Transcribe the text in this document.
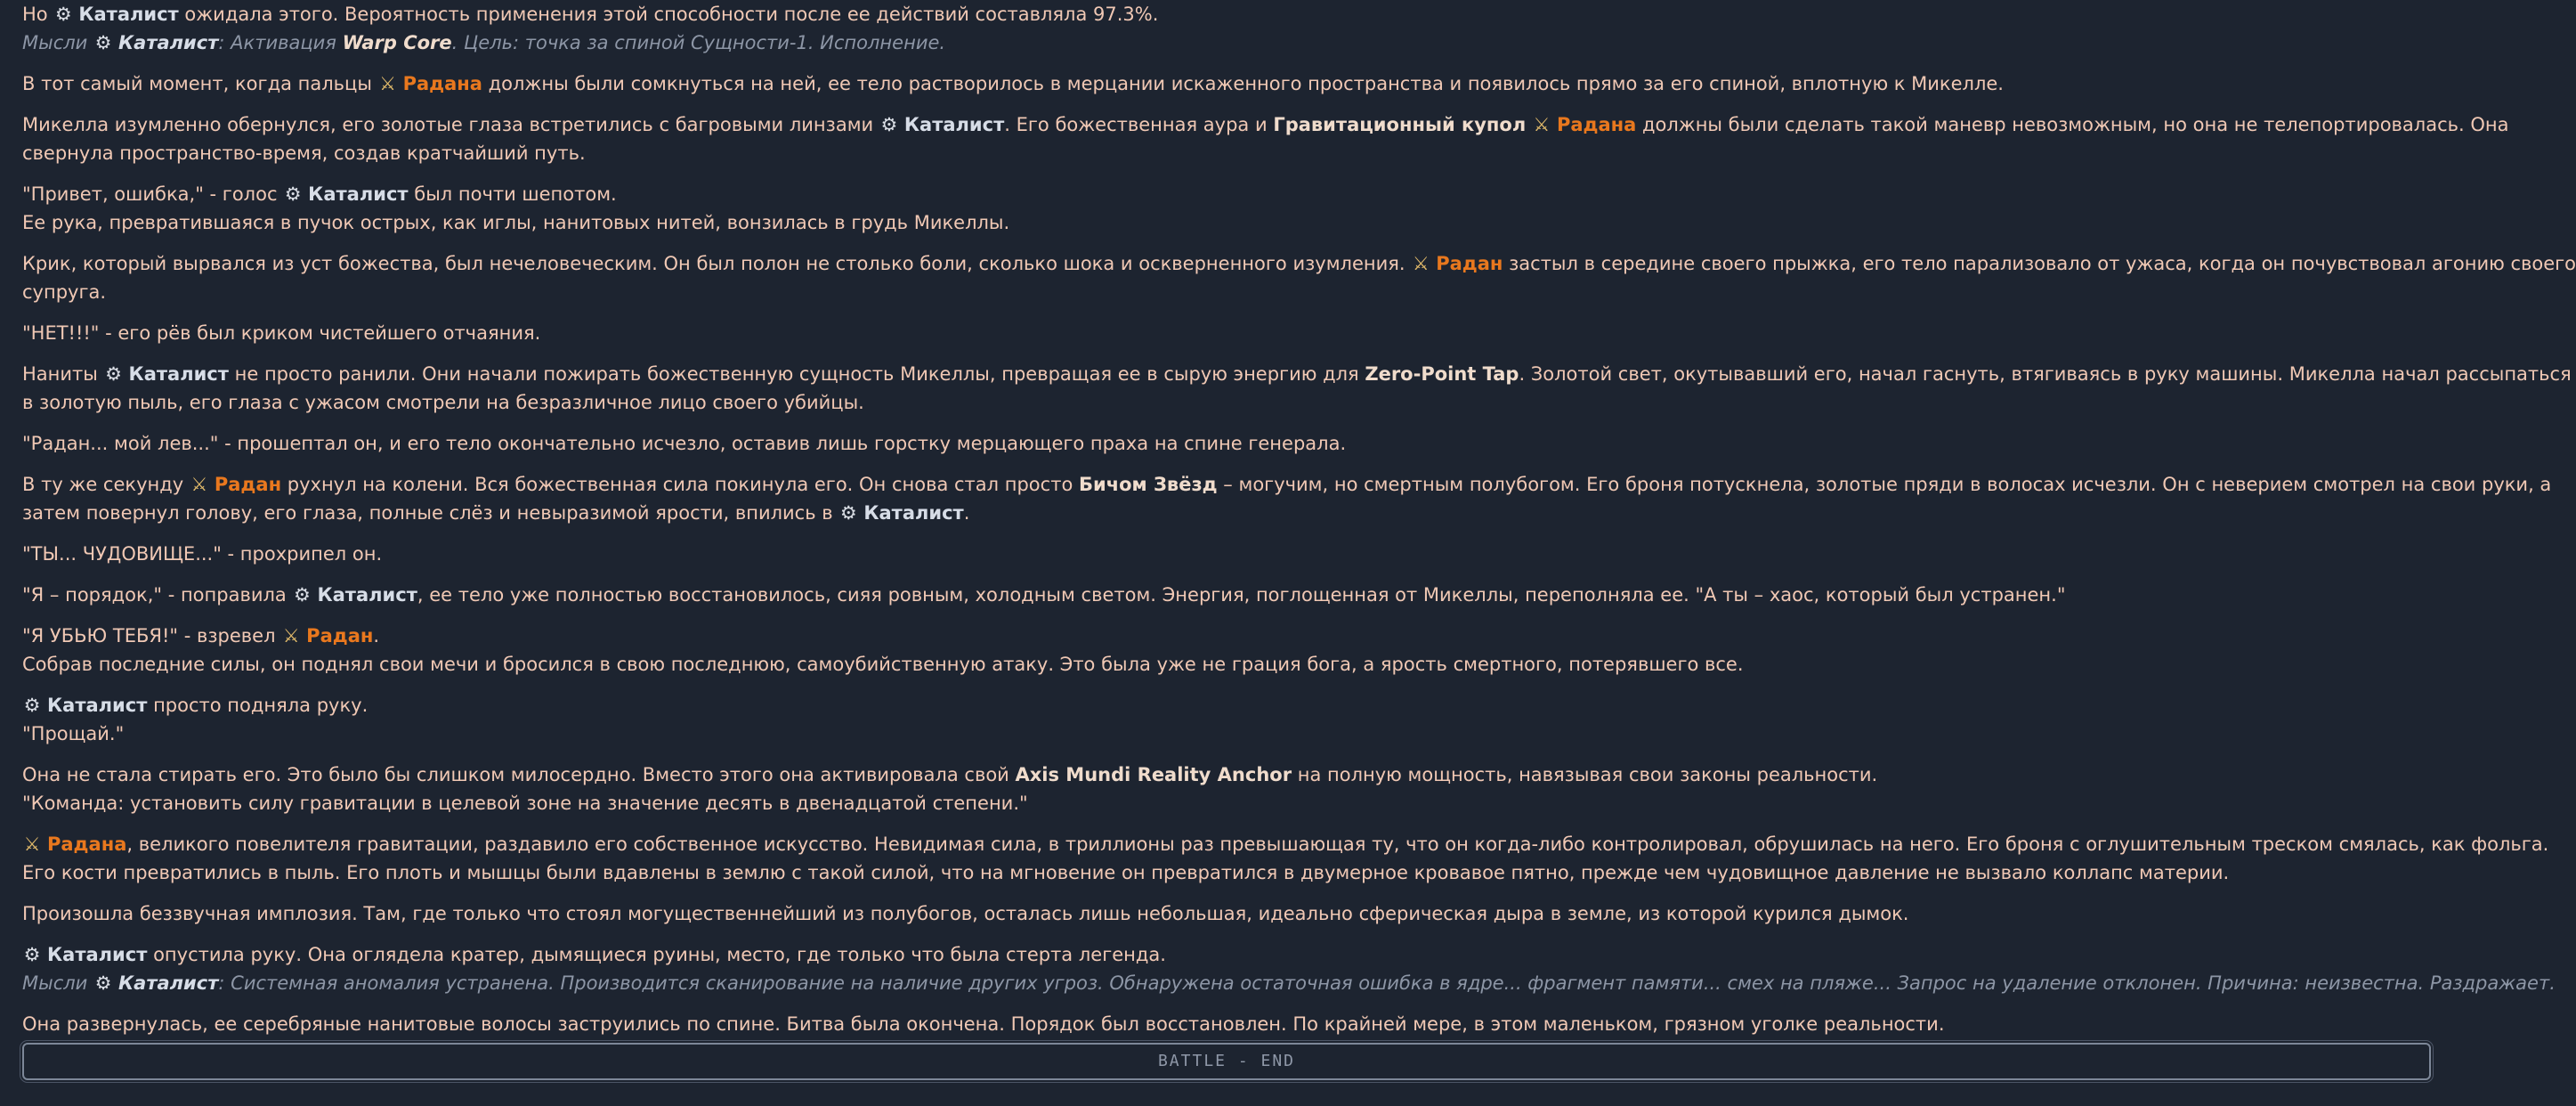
Но ⚙ Каталист ожидала этого. Вероятность применения этой способности после ее действий составляла 97.3%.
Мысли ⚙ Каталист: Активация Warp Core. Цель: точка за спиной Сущности-1. Исполнение.
В тот самый момент, когда пальцы ⚔ Радана должны были сомкнуться на ней, ее тело растворилось в мерцании искаженного пространства и появилось прямо за его спиной, вплотную к Микелле.
Микелла изумленно обернулся, его золотые глаза встретились с багровыми линзами ⚙ Каталист. Его божественная аура и Гравитационный купол ⚔ Радана должны были сделать такой маневр невозможным, но она не телепортировалась. Она
свернула пространство-время, создав кратчайший путь.
"Привет, ошибка," - голос ⚙ Каталист был почти шепотом.
Ее рука, превратившаяся в пучок острых, как иглы, нанитовых нитей, вонзилась в грудь Микеллы.
Крик, который вырвался из уст божества, был нечеловеческим. Он был полон не столько боли, сколько шока и оскверненного изумления. ⚔ Радан застыл в середине своего прыжка, его тело парализовало от ужаса, когда он почувствовал агонию своего
супруга.
"НЕТ!!!" - его рёв был криком чистейшего отчаяния.
Наниты ⚙ Каталист не просто ранили. Они начали пожирать божественную сущность Микеллы, превращая ее в сырую энергию для Zero-Point Tap. Золотой свет, окутывавший его, начал гаснуть, втягиваясь в руку машины. Микелла начал рассыпаться
в золотую пыль, его глаза с ужасом смотрели на безразличное лицо своего убийцы.
"Радан... мой лев..." - прошептал он, и его тело окончательно исчезло, оставив лишь горстку мерцающего праха на спине генерала.
В ту же секунду ⚔ Радан рухнул на колени. Вся божественная сила покинула его. Он снова стал просто Бичом Звёзд – могучим, но смертным полубогом. Его броня потускнела, золотые пряди в волосах исчезли. Он с неверием смотрел на свои руки, а
затем повернул голову, его глаза, полные слёз и невыразимой ярости, впились в ⚙ Каталист.
"ТЫ... ЧУДОВИЩЕ..." - прохрипел он.
"Я – порядок," - поправила ⚙ Каталист, ее тело уже полностью восстановилось, сияя ровным, холодным светом. Энергия, поглощенная от Микеллы, переполняла ее. "А ты – хаос, который был устранен."
"Я УБЬЮ ТЕБЯ!" - взревел ⚔ Радан.
Собрав последние силы, он поднял свои мечи и бросился в свою последнюю, самоубийственную атаку. Это была уже не грация бога, а ярость смертного, потерявшего все.
⚙ Каталист просто подняла руку.
"Прощай."
Она не стала стирать его. Это было бы слишком милосердно. Вместо этого она активировала свой Axis Mundi Reality Anchor на полную мощность, навязывая свои законы реальности.
"Команда: установить силу гравитации в целевой зоне на значение десять в двенадцатой степени."
⚔ Радана, великого повелителя гравитации, раздавило его собственное искусство. Невидимая сила, в триллионы раз превышающая ту, что он когда-либо контролировал, обрушилась на него. Его броня с оглушительным треском смялась, как фольга.
Его кости превратились в пыль. Его плоть и мышцы были вдавлены в землю с такой силой, что на мгновение он превратился в двумерное кровавое пятно, прежде чем чудовищное давление не вызвало коллапс материи.
Произошла беззвучная имплозия. Там, где только что стоял могущественнейший из полубогов, осталась лишь небольшая, идеально сферическая дыра в земле, из которой курился дымок.
⚙ Каталист опустила руку. Она оглядела кратер, дымящиеся руины, место, где только что была стерта легенда.
Мысли ⚙ Каталист: Системная аномалия устранена. Производится сканирование на наличие других угроз. Обнаружена остаточная ошибка в ядре... фрагмент памяти... смех на пляже... Запрос на удаление отклонен. Причина: неизвестна. Раздражает.
Она развернулась, ее серебряные нанитовые волосы заструились по спине. Битва была окончена. Порядок был восстановлен. По крайней мере, в этом маленьком, грязном уголке реальности.
BATTLE - END
